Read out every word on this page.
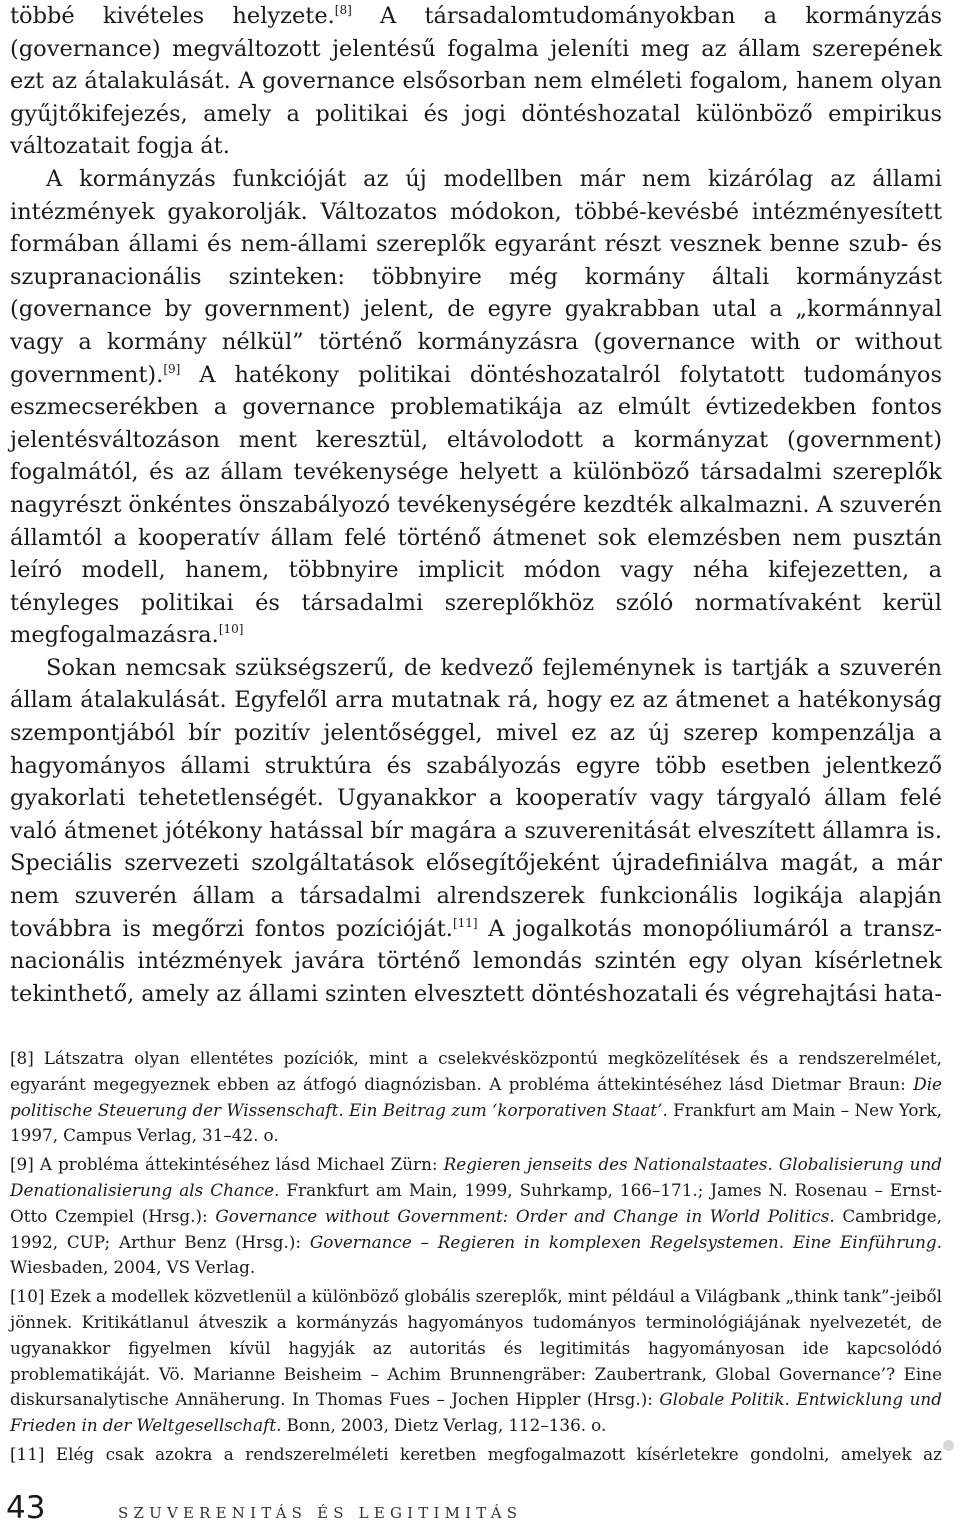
többé kivételes helyzete.[8] A társadalomtudományokban a kormányzás (governance) megváltozott jelentésű fogalma jeleníti meg az állam szerepének ezt az átalakulását. A governance elsősorban nem elméleti fogalom, hanem olyan gyűjtőkifejezés, amely a politikai és jogi döntéshozatal különböző empirikus változatait fogja át.

A kormányzás funkcióját az új modellben már nem kizárólag az állami intézmények gyakorolják. Változatos módokon, többé-kevésbé intézményesített formában állami és nem-állami szereplők egyaránt részt vesznek benne szub- és szupranacionális szinteken: többnyire még kormány általi kormányzást (governance by government) jelent, de egyre gyakrabban utal a „kormánnyal vagy a kormány nélkül” történő kormányzásra (governance with or without government).[9] A hatékony politikai döntéshozatalról folytatott tudományos eszmecserékben a governance problematikája az elmúlt évtizedekben fontos jelentésváltozáson ment keresztül, eltávolodott a kormányzat (government) fogalmától, és az állam tevékenysége helyett a különböző társadalmi szereplők nagyrészt önkéntes önszabályozó tevékenységére kezdték alkalmazni. A szuverén államtól a kooperatív állam felé történő átmenet sok elemzésben nem pusztán leíró modell, hanem, többnyire implicit módon vagy néha kifejezetten, a tényleges politikai és társadalmi szereplőkhöz szóló normatívaként kerül megfogalmazásra.[10]

Sokan nemcsak szükségszerű, de kedvező fejleménynek is tartják a szuverén állam átalakulását. Egyfelől arra mutatnak rá, hogy ez az átmenet a hatékonyság szempontjából bír pozitív jelentőséggel, mivel ez az új szerep kompenzálja a hagyományos állami struktúra és szabályozás egyre több esetben jelentkező gyakorlati tehetetlenségét. Ugyanakkor a kooperatív vagy tárgyaló állam felé való átmenet jótékony hatással bír magára a szuverenitását elveszített államra is. Speciális szervezeti szolgáltatások elősegítőjeként újradefiniálva magát, a már nem szuverén állam a társadalmi alrendszerek funkcionális logikája alapján továbbra is megőrzi fontos pozícióját.[11] A jogalkotás monopóliumáról a transznacionális intézmények javára történő lemondás szintén egy olyan kísérletnek tekinthető, amely az állami szinten elvesztett döntéshozatali és végrehajtási hata-

[8] Látszatra olyan ellentétes pozíciók, mint a cselekvésközpontú megközelítések és a rendszerelmélet, egyaránt megegyeznek ebben az átfogó diagnózisban. A probléma áttekintéséhez lásd Dietmar Braun: Die politische Steuerung der Wissenschaft. Ein Beitrag zum ‘korporativen Staat’. Frankfurt am Main – New York, 1997, Campus Verlag, 31–42. o.

[9] A probléma áttekintéséhez lásd Michael Zürn: Regieren jenseits des Nationalstaates. Globalisierung und Denationalisierung als Chance. Frankfurt am Main, 1999, Suhrkamp, 166–171.; James N. Rosenau – Ernst-Otto Czempiel (Hrsg.): Governance without Government: Order and Change in World Politics. Cambridge, 1992, CUP; Arthur Benz (Hrsg.): Governance – Regieren in komplexen Regelsystemen. Eine Einführung. Wiesbaden, 2004, VS Verlag.

[10] Ezek a modellek közvetlenül a különböző globális szereplők, mint például a Világbank „think tank”-jeiből jönnek. Kritikátlanul átveszik a kormányzás hagyományos tudományos terminológiájának nyelvezetét, de ugyanakkor figyelmen kívül hagyják az autoritás és legitimitás hagyományosan ide kapcsolódó problematikáját. Vö. Marianne Beisheim – Achim Brunnengräber: Zaubertrank, Global Governance’? Eine diskursanalytische Annäherung. In Thomas Fues – Jochen Hippler (Hrsg.): Globale Politik. Entwicklung und Frieden in der Weltgesellschaft. Bonn, 2003, Dietz Verlag, 112–136. o.

[11] Elég csak azokra a rendszerelméleti keretben megfogalmazott kísérletekre gondolni, amelyek az

43	SZUVERENITÁS ÉS LEGITIMITÁS
